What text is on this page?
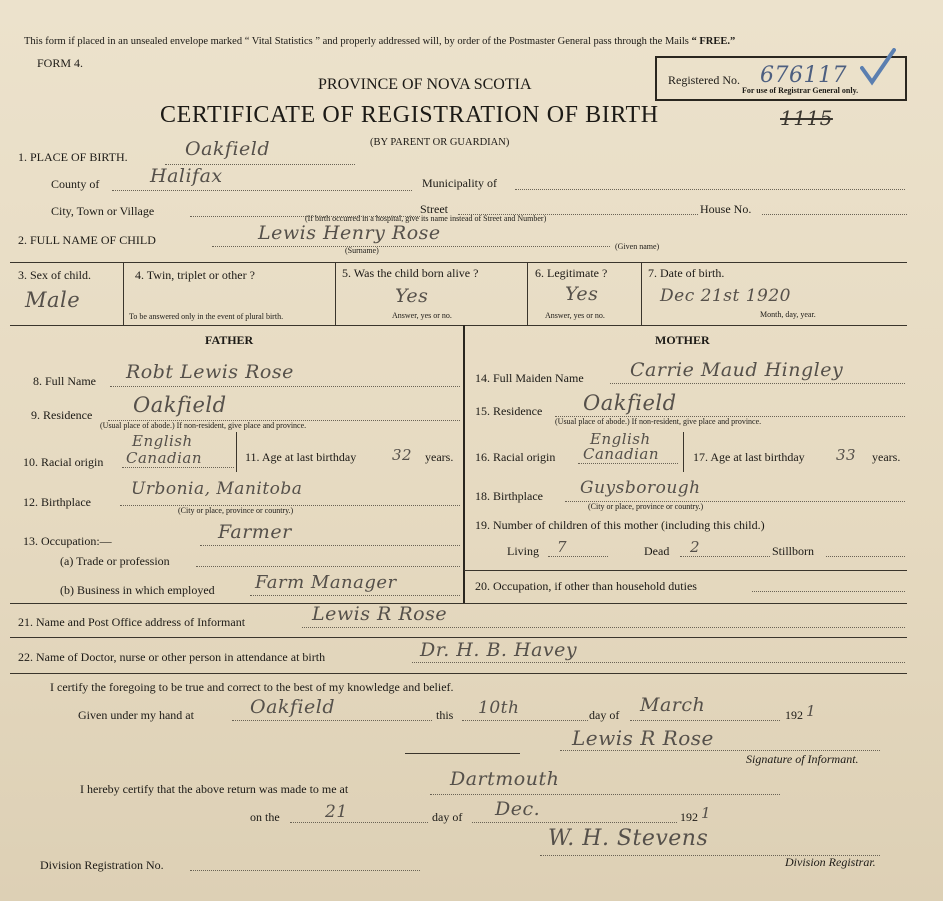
This form if placed in an unsealed envelope marked “ Vital Statistics ” and properly addressed will, by order of the Postmaster General pass through the Mails “ FREE.”
FORM 4.
PROVINCE OF NOVA SCOTIA	Registered No. 676117
For use of Registrar General only.
CERTIFICATE OF REGISTRATION OF BIRTH	1115
(BY PARENT OR GUARDIAN)
1. PLACE OF BIRTH.	Oakfield
County of	Halifax	Municipality of
City, Town or Village	Street
(If birth occurred in a hospital, give its name instead of Street and Number)
House No.
2. FULL NAME OF CHILD	Lewis Henry Rose
(Surname)	(Given name)
3. Sex of child.
Male
4. Twin, triplet or other ?
To be answered only in the event of plural birth.
5. Was the child born alive ?
Yes
Answer, yes or no.
6. Legitimate ?
Yes
Answer, yes or no.
7. Date of birth.
Dec 21st 1920
Month, day, year.
FATHER	MOTHER
8. Full Name Robt Lewis Rose	14. Full Maiden Name Carrie Maud Hingley
9. Residence Oakfield
(Usual place of abode.) If non-resident, give place and province.
15. Residence Oakfield
(Usual place of abode.) If non-resident, give place and province.
10. Racial origin
English
Canadian	11. Age at last birthday 32 years. 16. Racial origin
English
Canadian	17. Age at last birthday 33 years.
12. Birthplace
Urbonia, Manitoba
(City or place, province or country.)
18. Birthplace Guysborough
(City or place, province or country.)
13. Occupation:—	Farmer
(a) Trade or profession
(b) Business in which employed Farm Manager
19. Number of children of this mother (including this child.)
Living 7	Dead 2	Stillborn
20. Occupation, if other than household duties
21. Name and Post Office address of Informant	Lewis R Rose
22. Name of Doctor, nurse or other person in attendance at birth	Dr. H. B. Havey
I certify the foregoing to be true and correct to the best of my knowledge and belief.
Given under my hand at	Oakfield	this 10th	day of March	192 1
Lewis R Rose
Signature of Informant.
I hereby certify that the above return was made to me at	Dartmouth
on the	21	day of Dec.	192 1
W. H. Stevens
Division Registrar.
Division Registration No.
